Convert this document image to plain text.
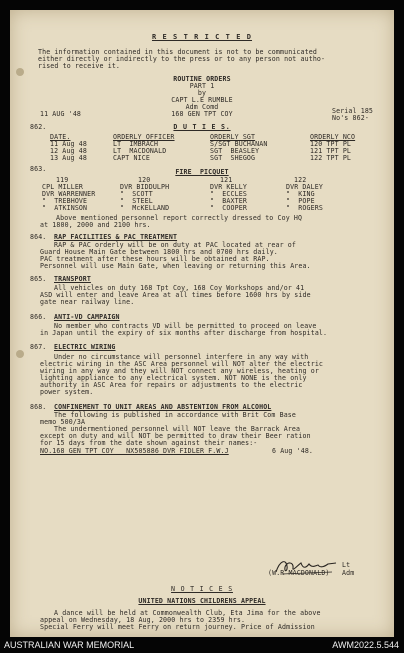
R E S T R I C T E D
The information contained in this document is not to be communicated
either directly or indirectly to the press or to any person not autho-
rised to receive it.
ROUTINE ORDERS
PART 1
by
CAPT L.E RUMBLE
Adm Comd
168 GEN TPT COY
11 AUG '48	Serial 185
No's 862-
862.	D U T I E S.
DATE.	ORDERLY OFFICER	ORDERLY SGT	ORDERLY NCO
11 Aug 48	LT  IMBRACH	S/SGT BUCHANAN	120 TPT PL
12 Aug 48	LT  MACDONALD	SGT  BEASLEY	121 TPT PL
13 Aug 48	CAPT NICE	SGT  SHEGOG	122 TPT PL
863.	FIRE  PICQUET
119	120	121	122
CPL MILLER	DVR BIDDULPH	DVR KELLY	DVR DALEY
DVR WARRENNER	"  SCOTT	"  ECCLES	"  KING
"  TREBHOVE	"  STEEL	"  BAXTER	"  POPE
"  ATKINSON	"  McKELLAND	"  COOPER	"  ROGERS
Above mentioned personnel report correctly dressed to Coy HQ
at 1800, 2000 and 2100 hrs.
864. RAP FACILITIES & PAC TREATMENT
RAP & PAC orderly will be on duty at PAC located at rear of
Guard House Main Gate between 1800 hrs and 0700 hrs daily.
PAC treatment after these hours will be obtained at RAP.
Personnel will use Main Gate, when leaving or returning this Area.
865. TRANSPORT
All vehicles on duty 168 Tpt Coy, 168 Coy Workshops and/or 41
ASD will enter and leave Area at all times before 1600 hrs by side
gate near railway line.
866. ANTI-VD CAMPAIGN
No member who contracts VD will be permitted to proceed on leave
in Japan until the expiry of six months after discharge from hospital.
867. ELECTRIC WIRING
Under no circumstance will personnel interfere in any way with
electric wiring in the ASC Area personnel will NOT alter the electric
wiring in any way and they will NOT connect any wireless, heating or
lighting appliance to any electrical system. NOT NONE is the only
authority in ASC Area for repairs or adjustments to the electric
power system.
868. CONFINEMENT TO UNIT AREAS AND ABSTENTION FROM ALCOHOL
The following is published in accordance with Brit Com Base
memo 500/3A
The undermentioned personnel will NOT leave the Barrack Area
except on duty and will NOT be permitted to draw their Beer ration
for 15 days from the date shown against their names:-
NO.168 GEN TPT COY   NX505886 DVR FIDLER F.W.J	6 Aug '48.
Lt
(W.R MACDONALD) Adm
N O T I C E S
UNITED NATIONS CHILDRENS APPEAL
A dance will be held at Commonwealth Club, Eta Jima for the above
appeal on Wednesday, 18 Aug, 2000 hrs to 2359 hrs.
Special Ferry will meet Ferry on return journey. Price of Admission
AUSTRALIAN WAR MEMORIAL	AWM2022.5.544
